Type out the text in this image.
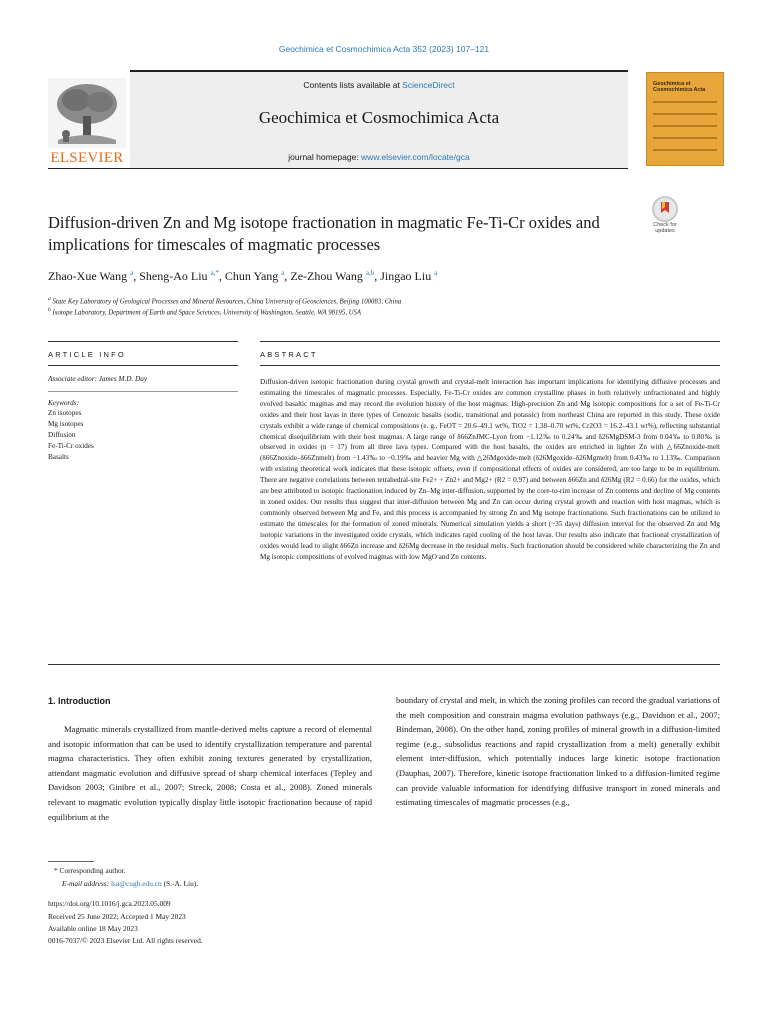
Geochimica et Cosmochimica Acta 352 (2023) 107–121
Contents lists available at ScienceDirect
Geochimica et Cosmochimica Acta
journal homepage: www.elsevier.com/locate/gca
ELSEVIER
Geochimica et Cosmochimica Acta
Check for updates
Diffusion-driven Zn and Mg isotope fractionation in magmatic Fe-Ti-Cr oxides and implications for timescales of magmatic processes
Zhao-Xue Wang $^a$, Sheng-Ao Liu $^{a,*}$, Chun Yang $^a$, Ze-Zhou Wang $^{a,b}$, Jingao Liu $^a$
$^a$ State Key Laboratory of Geological Processes and Mineral Resources, China University of Geosciences, Beijing 100083, China
$^b$ Isotope Laboratory, Department of Earth and Space Sciences, University of Washington, Seattle, WA 98195, USA
ARTICLE INFO
Associate editor: James M.D. Day
Keywords:
Zn isotopes
Mg isotopes
Diffusion
Fe-Ti-Cr oxides
Basalts
ABSTRACT
Diffusion-driven isotopic fractionation during crystal growth and crystal-melt interaction has important implications for identifying diffusive processes and estimating the timescales of magmatic processes. Especially, Fe-Ti-Cr oxides are common crystalline phases in both relatively unfractionated and highly evolved basaltic magmas and may record the evolution history of the host magmas. High-precision Zn and Mg isotopic compositions for a set of Fe-Ti-Cr oxides and their host lavas in three types of Cenozoic basalts (sodic, transitional and potassic) from northeast China are reported in this study. These oxide crystals exhibit a wide range of chemical compositions (e. g., FeOT = 20.6–49.1 wt%, TiO2 = 1.38–0.70 wt%, Cr2O3 = 16.2–43.1 wt%), reflecting substantial chemical disequilibrium with their host magmas. A large range of δ66ZnJMC-Lyon from −1.12‰ to 0.24‰ and δ26MgDSM-3 from 0.04‰ to 0.80‰ is observed in oxides (n = 17) from all three lava types. Compared with the host basalts, the oxides are enriched in lighter Zn with △66Znoxide-melt (δ66Znoxide–δ66Znmelt) from −1.43‰ to −0.19‰ and heavier Mg with △26Mgoxide-melt (δ26Mgoxide–δ26Mgmelt) from 0.43‰ to 1.13‰. Comparison with existing theoretical work indicates that these isotopic offsets, even if compositional effects of oxides are considered, are too large to be in equilibrium. There are negative correlations between tetrahedral-site Fe2+ + Zn2+ and Mg2+ (R2 = 0.97) and between δ66Zn and δ26Mg (R2 = 0.66) for the oxides, which are best attributed to isotopic fractionation induced by Zn–Mg inter-diffusion, supported by the core-to-rim increase of Zn contents and decline of Mg contents in zoned oxides. Our results thus suggest that inter-diffusion between Mg and Zn can occur during crystal growth and reaction with host magmas, which is commonly observed between Mg and Fe, and this process is accompanied by strong Zn and Mg isotope fractionations. Such fractionations can be utilized to estimate the timescales for the formation of zoned minerals. Numerical simulation yields a short (~35 days) diffusion interval for the observed Zn and Mg isotopic variations in the investigated oxide crystals, which indicates rapid cooling of the host lavas. Our results also indicate that fractional crystallization of oxides would lead to slight δ66Zn increase and δ26Mg decrease in the residual melts. Such fractionation should be considered while characterizing the Zn and Mg isotopic compositions of evolved magmas with low MgO and Zn contents.
1. Introduction
Magmatic minerals crystallized from mantle-derived melts capture a record of elemental and isotopic information that can be used to identify crystallization temperature and parental magma characteristics. They often exhibit zoning textures generated by crystallization, attendant magmatic evolution and diffusive spread of sharp chemical interfaces (Tepley and Davidson 2003; Ginibre et al., 2007; Streck, 2008; Costa et al., 2008). Zoned minerals relevant to magmatic evolution typically display little isotopic fractionation because of rapid equilibrium at the
boundary of crystal and melt, in which the zoning profiles can record the gradual variations of the melt composition and constrain magma evolution pathways (e.g., Davidson et al., 2007; Bindeman, 2008). On the other hand, zoning profiles of mineral growth in a diffusion-limited regime (e.g., subsolidus reactions and rapid crystallization from a melt) generally exhibit element inter-diffusion, which potentially induces large kinetic isotope fractionation (Dauphas, 2007). Therefore, kinetic isotope fractionation linked to a diffusion-limited regime can provide valuable information for identifying diffusive transport in zoned minerals and estimating timescales of magmatic processes (e.g.,
* Corresponding author.
E-mail address: lsa@cugb.edu.cn (S.-A. Liu).
https://doi.org/10.1016/j.gca.2023.05.009
Received 25 June 2022; Accepted 1 May 2023
Available online 18 May 2023
0016-7037/© 2023 Elsevier Ltd. All rights reserved.
